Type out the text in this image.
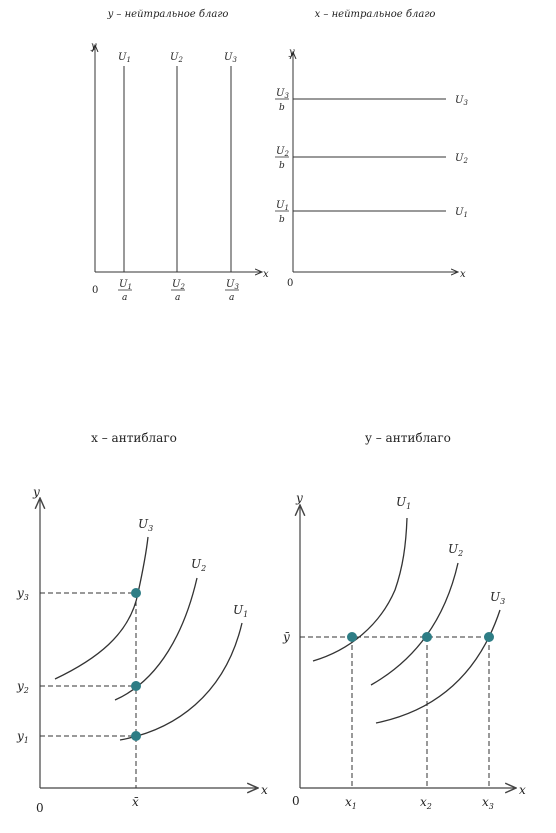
y – нейтральное благо
y
x
0
$U_1$
$U_1$
a
$U_2$
$U_2$
a
$U_3$
$U_3$
a
x – нейтральное благо
y
x
0
$U_3$
$U_3$
b
$U_2$
$U_2$
b
$U_1$
$U_1$
b
x – антиблаго
y
x
0
$U_3$
$U_2$
$U_1$
$y_3$
$y_2$
$y_1$
x̄
y – антиблаго
y
x
0
$U_1$
$U_2$
$U_3$
ȳ
$x_1$	$x_2$	$x_3$
